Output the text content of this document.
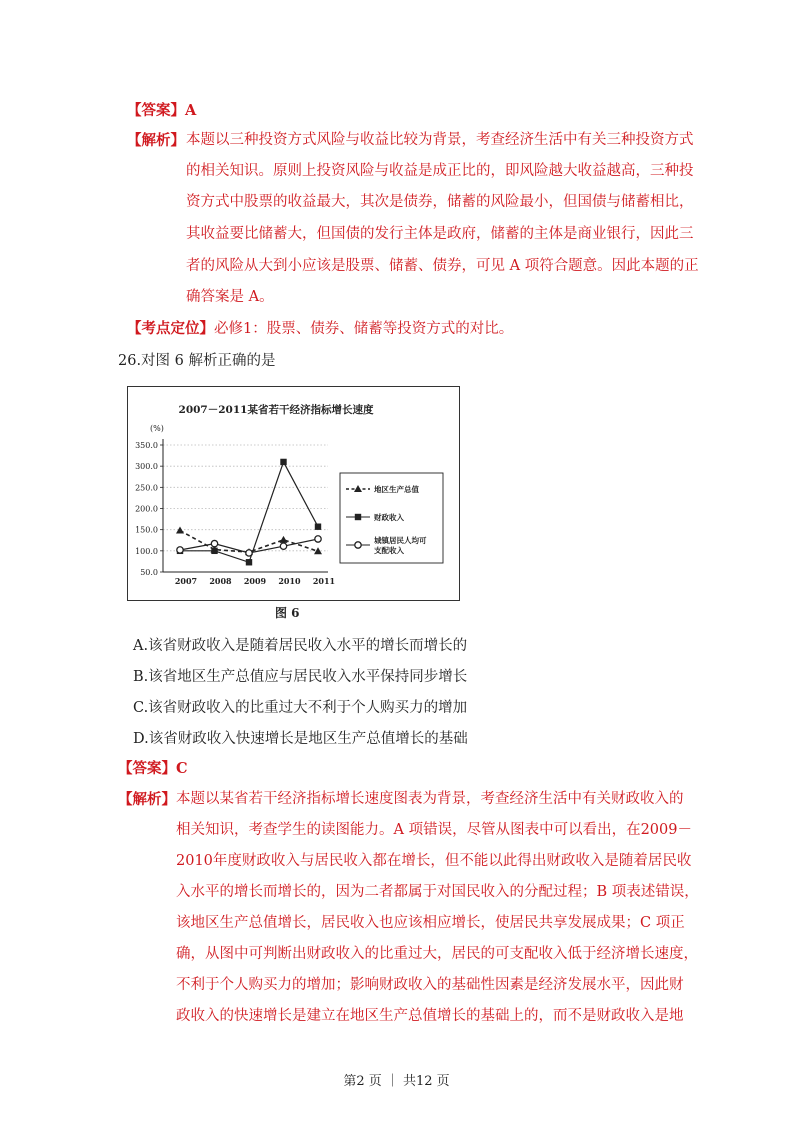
【答案】A
【解析】 本题以三种投资方式风险与收益比较为背景，考查经济生活中有关三种投资方式
的相关知识。原则上投资风险与收益是成正比的，即风险越大收益越高，三种投
资方式中股票的收益最大，其次是债券，储蓄的风险最小，但国债与储蓄相比，
其收益要比储蓄大，但国债的发行主体是政府，储蓄的主体是商业银行，因此三
者的风险从大到小应该是股票、储蓄、债券，可见 A 项符合题意。因此本题的正
确答案是 A。
【考点定位】必修1：股票、债券、储蓄等投资方式的对比。
26.对图 6 解析正确的是
2007－2011某省若干经济指标增长速度
(%)
50.0
100.0
150.0
200.0
250.0
300.0
350.0
2007 2008 2009 2010 2011
地区生产总值
财政收入
城镇居民人均可
支配收入
图 6
A.该省财政收入是随着居民收入水平的增长而增长的
B.该省地区生产总值应与居民收入水平保持同步增长
C.该省财政收入的比重过大不利于个人购买力的增加
D.该省财政收入快速增长是地区生产总值增长的基础
【答案】C
【解析】 本题以某省若干经济指标增长速度图表为背景，考查经济生活中有关财政收入的
相关知识，考查学生的读图能力。A 项错误，尽管从图表中可以看出，在2009－
2010年度财政收入与居民收入都在增长，但不能以此得出财政收入是随着居民收
入水平的增长而增长的，因为二者都属于对国民收入的分配过程；B 项表述错误，
该地区生产总值增长，居民收入也应该相应增长，使居民共享发展成果；C 项正
确，从图中可判断出财政收入的比重过大，居民的可支配收入低于经济增长速度，
不利于个人购买力的增加；影响财政收入的基础性因素是经济发展水平，因此财
政收入的快速增长是建立在地区生产总值增长的基础上的，而不是财政收入是地
第2 页 ｜ 共12 页
